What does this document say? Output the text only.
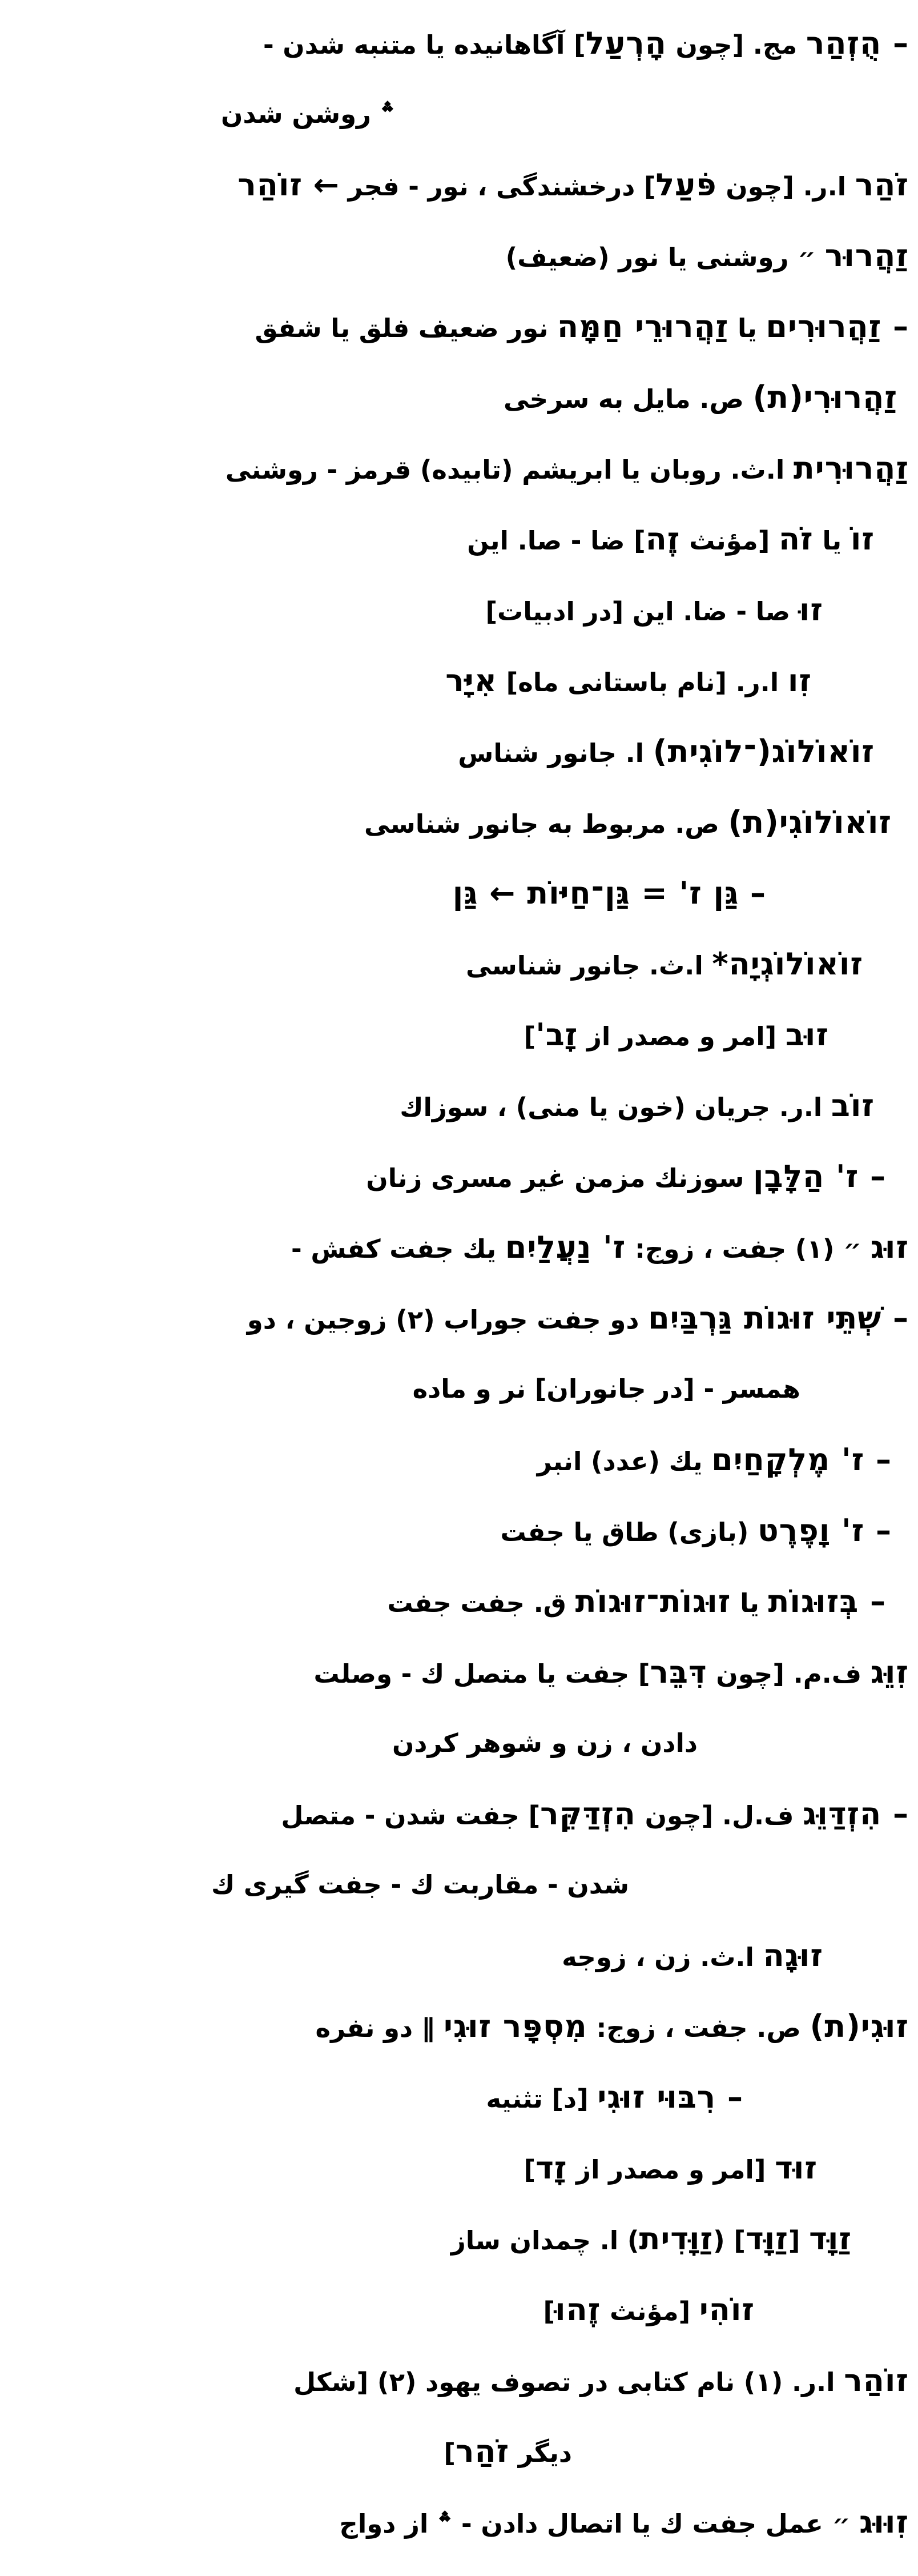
– הֻזְהַר مج. [چون הָרְעַל] آگاهانیده یا متنبه شدن -
؞ روشن شدن
זֹהַר ا.ر. [چون פֹּעַל] درخشندگی ، نور - فجر ← זוֹהַר
זַהֲרוּר ״ روشنی یا نور (ضعیف)
– זַהֲרוּרִים یا זַהֲרוּרֵי חַמָּה نور ضعیف فلق یا شفق
זַהֲרוּרִי(ת) ص. مایل به سرخی
זַהֲרוּרִית ا.ث. روبان یا ابریشم (تابیده) قرمز - روشنی
זוֹ یا זֹה [مؤنث זֶה] ضا - صا. این
זוּ صا - ضا. این [در ادبیات]
זִו ا.ر. [نام باستانی ماه] אִיָּר
זוֹאוֹלוֹג(־לוֹגִית) ا. جانور شناس
זוֹאוֹלוֹגִי(ת) ص. مربوط به جانور شناسی
– גַּן ז' = גַּן־חַיּוֹת ← גַּן
זוֹאוֹלוֹגְיָה* ا.ث. جانور شناسی
זוּב [امر و مصدر از זָב']
זוֹב ا.ر. جریان (خون یا منی) ، سوزاك
– ז' הַלָּבָן سوزنك مزمن غیر مسری زنان
זוּג ״ (۱) جفت ، زوج: ז' נַעֲלַיִם یك جفت كفش -
– שְׁתֵּי זוּגוֹת גַּרְבַּיִם دو جفت جوراب (۲) زوجین ، دو
همسر - [در جانوران] نر و ماده
– ז' מֶלְקָחַיִם یك (عدد) انبر
– ז' וָפֶרֶט (بازی) طاق یا جفت
– בְּזוּגוֹת یا זוּגוֹת־זוּגוֹת ق. جفت جفت
זִוֵּג ف.م. [چون דִּבֵּר] جفت یا متصل ك - وصلت
دادن ، زن و شوهر كردن
– הִזְדַּוֵּג ف.ل. [چون הִזְדַּקֵּר] جفت شدن - متصل
شدن - مقاربت ك - جفت گیری ك
זוּגָה ا.ث. زن ، زوجه
זוּגִי(ת) ص. جفت ، زوج: מִסְפָּר זוּגִי ∥ دو نفره
– רִבּוּי זוּגִי [د] تثنیه
זוּד [امر و مصدر از זָד]
זַוָּד [זַוָּד] (זַוָּדִית) ا. چمدان ساز
זוֹהִי [مؤنث זֶהוּ]
זוֹהַר ا.ر. (۱) نام كتابی در تصوف یهود (۲) [شكل
دیگر זֹהַר]
זִוּוּג ״ عمل جفت ك یا اتصال دادن - ؞ از دواج
